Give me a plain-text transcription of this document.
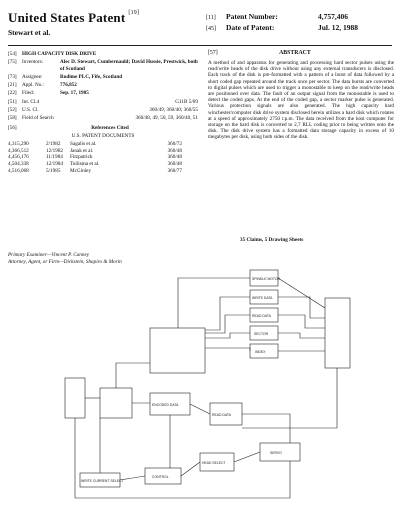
United States Patent [19]
Stewart et al.
[11] Patent Number:	4,757,406
[45] Date of Patent:	Jul. 12, 1988
[54]	HIGH CAPACITY DISK DRIVE
[75]	Inventors:	Alec D. Stewart, Cumbernauld; David Hussie, Prestwick, both of Scotland
[73]	Assignee:	Rodime PLC, Fife, Scotland
[21]	Appl. No.:	776,852
[22]	Filed:	Sep. 17, 1985
[51]	Int. Cl.4	G11B 5/09
[52]	U.S. Cl.	360/49; 360/40; 360/55
[58]	Field of Search	360/48, 49, 50, 59, 360/40, 51
[56]	References Cited
U.S. PATENT DOCUMENTS
4,315,290	2/1982	Sagalis et al.	360/72
4,366,512	12/1982	Janak et al.	360/48
4,456,176	11/1984	Fitzpatrick	360/48
4,504,338	12/1984	Toilisma et al.	360/48
4,516,068	5/1985	McGinley	360/77
Primary Examiner—Vincent P. Canney
Attorney, Agent, or Firm—Dickstein, Shapiro & Morin
[57]	ABSTRACT
A method of and apparatus for generating and processing hard sector pulses using the read/write heads of the disk drive without using any external transducers is disclosed. Each track of the disk is pre-formatted with a pattern of a burst of data followed by a short coded gap repeated around the track once per sector. The data bursts are converted to digital pulses which are used to trigger a monostable to keep on the read/write heads are positioned over data. The fault of an output signal from the monostable is used to detect the coded gaps. At the end of the coded gap, a sector marker pulse is generated. Various protection signals are also generated. The high capacity hard winchester/computer disk drive system disclosed herein utilizes a hard disk which rotates at a speed of approximately 2750 r.p.m. The data received from the host computer for storage on the hard disk is converted to 2,7 RLL coding prior to being written onto the disk. The disk drive system has a formatted data storage capacity in excess of 10 megabytes per disk, using both sides of the disk.
35 Claims, 5 Drawing Sheets
SPINDLE MOTOR
WRITE DATA
READ DATA
SECTOR
INDEX
READ DATA
ENCODED DATA
WRITE CURRENT SELECT
HEAD SELECT
CONTROL
SERVO
